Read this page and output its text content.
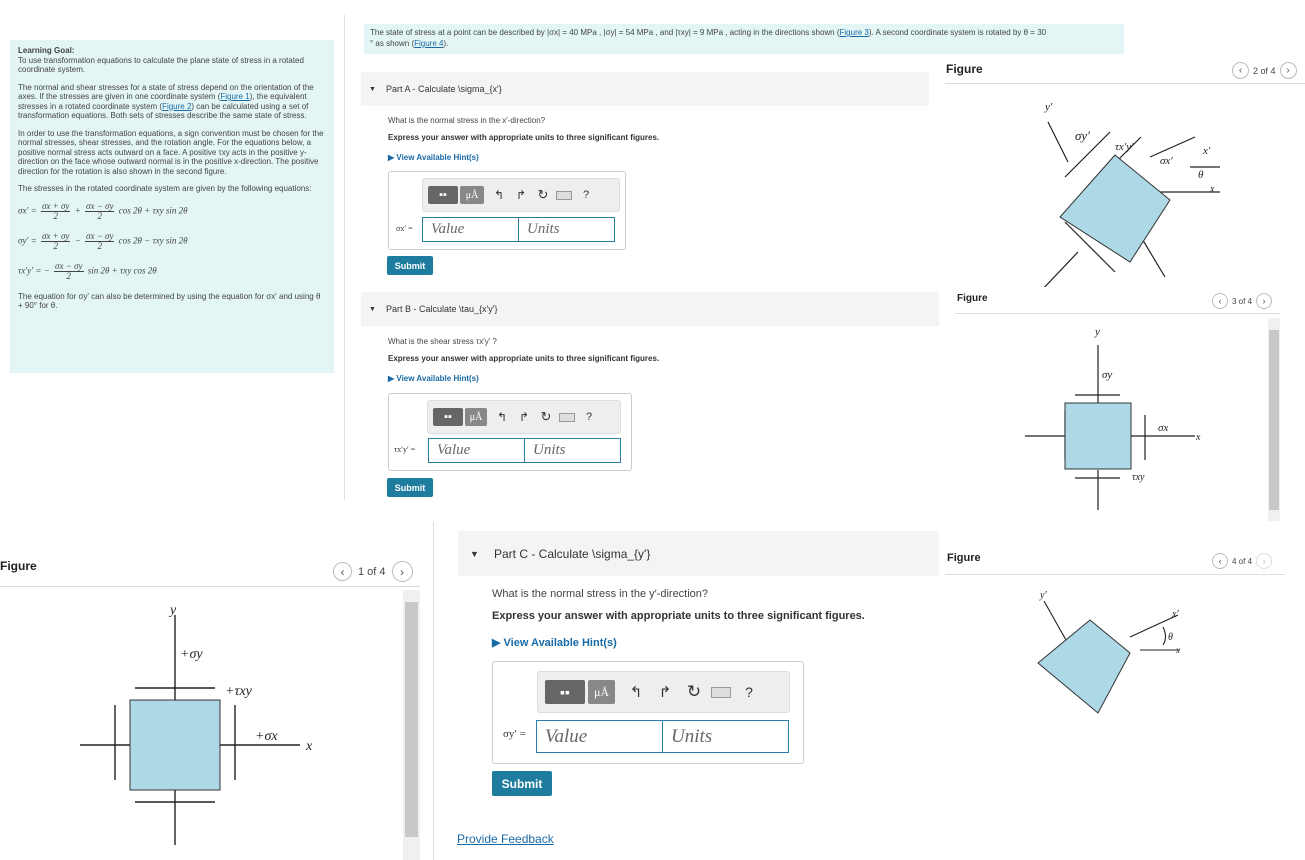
Learning Goal:
To use transformation equations to calculate the plane state of stress in a rotated coordinate system.

The normal and shear stresses for a state of stress depend on the orientation of the axes. If the stresses are given in one coordinate system (Figure 1), the equivalent stresses in a rotated coordinate system (Figure 2) can be calculated using a set of transformation equations. Both sets of stresses describe the same state of stress.

In order to use the transformation equations, a sign convention must be chosen for the normal stresses, shear stresses, and the rotation angle. For the equations below, a positive normal stress acts outward on a face. A positive τxy acts in the positive y-direction on the face whose outward normal is in the positive x-direction. The positive direction for the rotation is also shown in the second figure.

The stresses in the rotated coordinate system are given by the following equations:

$\sigma x' = \frac{\sigma x + \sigma y}{2} + \frac{\sigma x - \sigma y}{2}$ cos 2θ + τxy sin 2θ
$\sigma y' = \frac{\sigma x + \sigma y}{2} - \frac{\sigma x - \sigma y}{2}$ cos 2θ − τxy sin 2θ
τx′y′ = − $\frac{\sigma x - \sigma y}{2}$ sin 2θ + τxy cos 2θ

The equation for σy′ can also be determined by using the equation for σx′ and using θ + 90° for θ.

The state of stress at a point can be described by |σx| = 40 MPa , |σy| = 54 MPa , and |τxy| = 9 MPa , acting in the directions shown (Figure 3). A second coordinate system is rotated by θ = 30
° as shown (Figure 4).
▼ Part A - Calculate \sigma_{x'}
What is the normal stress in the x′-direction?
Express your answer with appropriate units to three significant figures.
▶ View Available Hint(s)
▪▪	μÅ	↰ ↱ ↻	?
σx′ =	Value	Units
Submit
▼ Part B - Calculate \tau_{x'y'}
What is the shear stress τx′y′ ?
Express your answer with appropriate units to three significant figures.
▶ View Available Hint(s)
▪▪	μÅ	↰ ↱ ↻	?
τx′y′ =	Value	Units
Submit
Figure	‹	2 of 4	›
y′
σy′
τx′y′
σx′
x′
θ
x
Figure	‹	3 of 4	›
y
σy
σx
x
τxy
Figure	‹	1 of 4	›
y
+σy
+τxy
+σx
x
▼ Part C - Calculate \sigma_{y'}
What is the normal stress in the y′-direction?
Express your answer with appropriate units to three significant figures.
▶ View Available Hint(s)
▪▪	μÅ	↰ ↱ ↻	?
σy′ =	Value	Units
Submit
Provide Feedback
Figure	‹	4 of 4	›
y′
x′
θ
x
